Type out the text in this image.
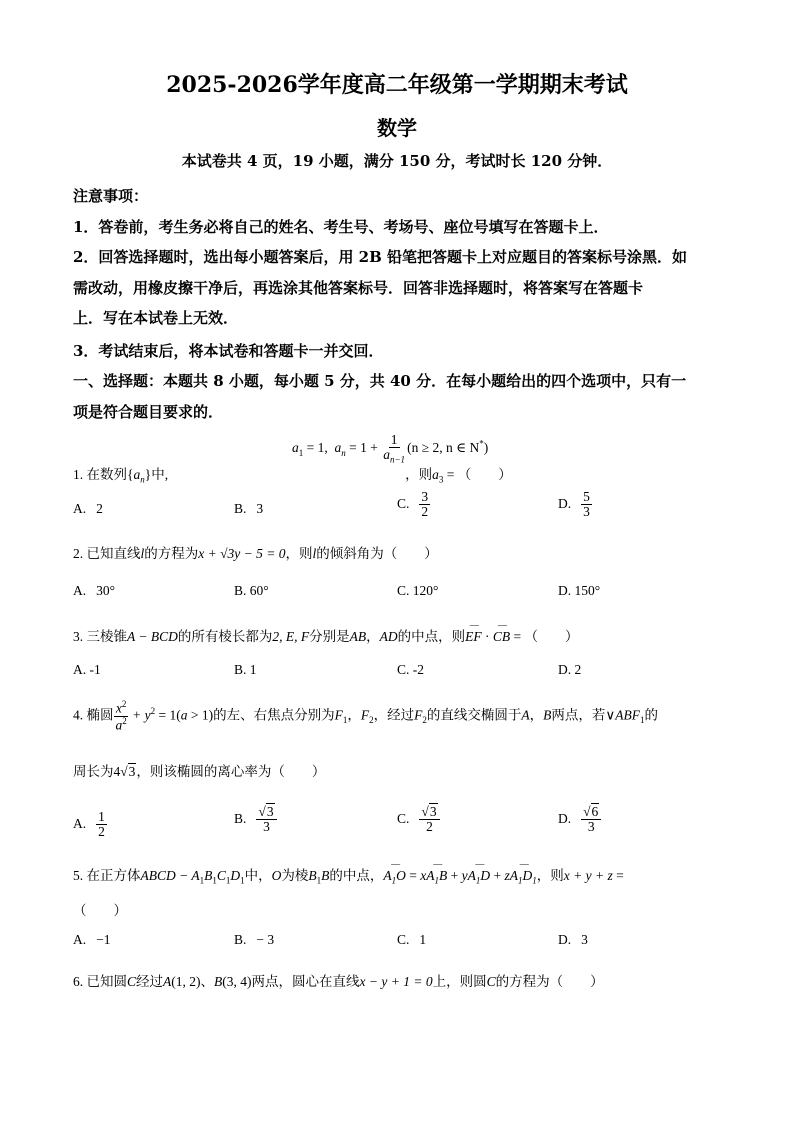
2025-2026学年度高二年级第一学期期末考试
数学
本试卷共 4 页，19 小题，满分 150 分，考试时长 120 分钟．
注意事项：
1．答卷前，考生务必将自己的姓名、考生号、考场号、座位号填写在答题卡上．
2．回答选择题时，选出每小题答案后，用 2B 铅笔把答题卡上对应题目的答案标号涂黑．如
需改动，用橡皮擦干净后，再选涂其他答案标号．回答非选择题时，将答案写在答题卡
上．写在本试卷上无效．
3．考试结束后，将本试卷和答题卡一并交回．
一、选择题：本题共 8 小题，每小题 5 分，共 40 分．在每小题给出的四个选项中，只有一
项是符合题目要求的．
$a_1 = 1$,  $a_n = 1 + \frac{1}{a_{n-1}} (n \ge 2$, n ∈ N*)
1. 在数列$\{a_n\}$中,	，则$a_3$ = （　　）
A. 2	B. 3	C. $\frac{3}{2}$	D. $\frac{5}{3}$
2. 已知直线l的方程为x + √3y − 5 = 0，则l的倾斜角为（　　）
A. 30°	B. 60°	C. 120°	D. 150°
3. 三棱锥A − BCD的所有棱长都为2, E, F分别是AB，AD的中点，则― EF · ― CB = （　　）
A. -1	B. 1	C. -2	D. 2
4. 椭圆 $\frac{x^2}{a^2} + y^2 = 1(a > 1)$的左、右焦点分别为$F_1$，$F_2$，经过$F_2$的直线交椭圆于A，B两点，若$\vee ABF_1$的
周长为4√3，则该椭圆的离心率为（　　）
A. $\frac{1}{2}$	B. $\frac{√3}{3}$	C. $\frac{√3}{2}$	D. $\frac{√6}{3}$
5. 在正方体ABCD − $A_1B_1C_1D_1$中，O为棱$B_1B$的中点，― $A_1O$ = x― $A_1B$ + y― $A_1D$ + z― $A_1D_1$，则x + y + z =
（　　）
A. −1	B. − 3	C. 1	D. 3
6. 已知圆C经过A(1, 2)、B(3, 4)两点，圆心在直线x − y + 1 = 0上，则圆C的方程为（　　）
